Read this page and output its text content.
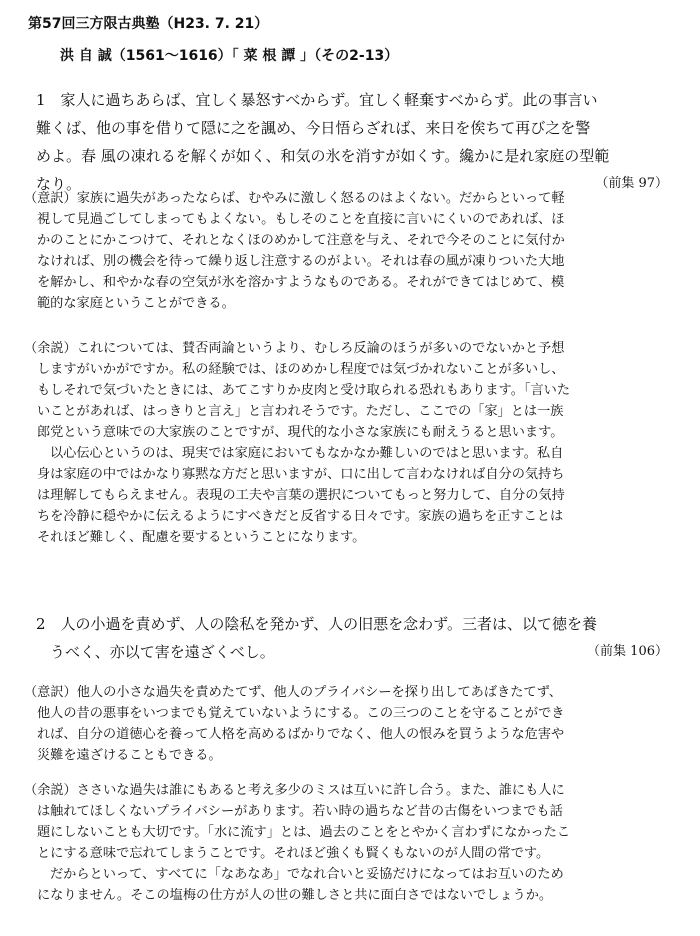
第57回三方限古典塾（H23. 7. 21）
洪 自 誠（1561〜1616）「 菜 根 譚 」（その2-13）
1　家人に過ちあらば、宜しく暴怒すべからず。宜しく軽棄すべからず。此の事言い
難くば、他の事を借りて隠に之を諷め、今日悟らざれば、来日を俟ちて再び之を警
めよ。春 風の凍れるを解くが如く、和気の氷を消すが如くす。纔かに是れ家庭の型範
なり。	（前集 97）
（意訳）家族に過失があったならば、むやみに激しく怒るのはよくない。だからといって軽
視して見過ごしてしまってもよくない。もしそのことを直接に言いにくいのであれば、ほ
かのことにかこつけて、それとなくほのめかして注意を与え、それで今そのことに気付か
なければ、別の機会を待って繰り返し注意するのがよい。それは春の風が凍りついた大地
を解かし、和やかな春の空気が氷を溶かすようなものである。それができてはじめて、模
範的な家庭ということができる。
（余説）これについては、賛否両論というより、むしろ反論のほうが多いのでないかと予想
しますがいかがですか。私の経験では、ほのめかし程度では気づかれないことが多いし、
もしそれで気づいたときには、あてこすりか皮肉と受け取られる恐れもあります。「言いた
いことがあれば、はっきりと言え」と言われそうです。ただし、ここでの「家」とは一族
郎党という意味での大家族のことですが、現代的な小さな家族にも耐えうると思います。
以心伝心というのは、現実では家庭においてもなかなか難しいのではと思います。私自
身は家庭の中ではかなり寡黙な方だと思いますが、口に出して言わなければ自分の気持ち
は理解してもらえません。表現の工夫や言葉の選択についてもっと努力して、自分の気持
ちを冷静に穏やかに伝えるようにすべきだと反省する日々です。家族の過ちを正すことは
それほど難しく、配慮を要するということになります。
2　人の小過を責めず、人の陰私を発かず、人の旧悪を念わず。三者は、以て徳を養
うべく、亦以て害を遠ざくべし。	（前集 106）
（意訳）他人の小さな過失を責めたてず、他人のプライバシーを探り出してあばきたてず、
他人の昔の悪事をいつまでも覚えていないようにする。この三つのことを守ることができ
れば、自分の道徳心を養って人格を高めるばかりでなく、他人の恨みを買うような危害や
災難を遠ざけることもできる。
（余説）ささいな過失は誰にもあると考え多少のミスは互いに許し合う。また、誰にも人に
は触れてほしくないプライバシーがあります。若い時の過ちなど昔の古傷をいつまでも話
題にしないことも大切です。「水に流す」とは、過去のことをとやかく言わずになかったこ
とにする意味で忘れてしまうことです。それほど強くも賢くもないのが人間の常です。
だからといって、すべてに「なあなあ」でなれ合いと妥協だけになってはお互いのため
になりません。そこの塩梅の仕方が人の世の難しさと共に面白さではないでしょうか。
